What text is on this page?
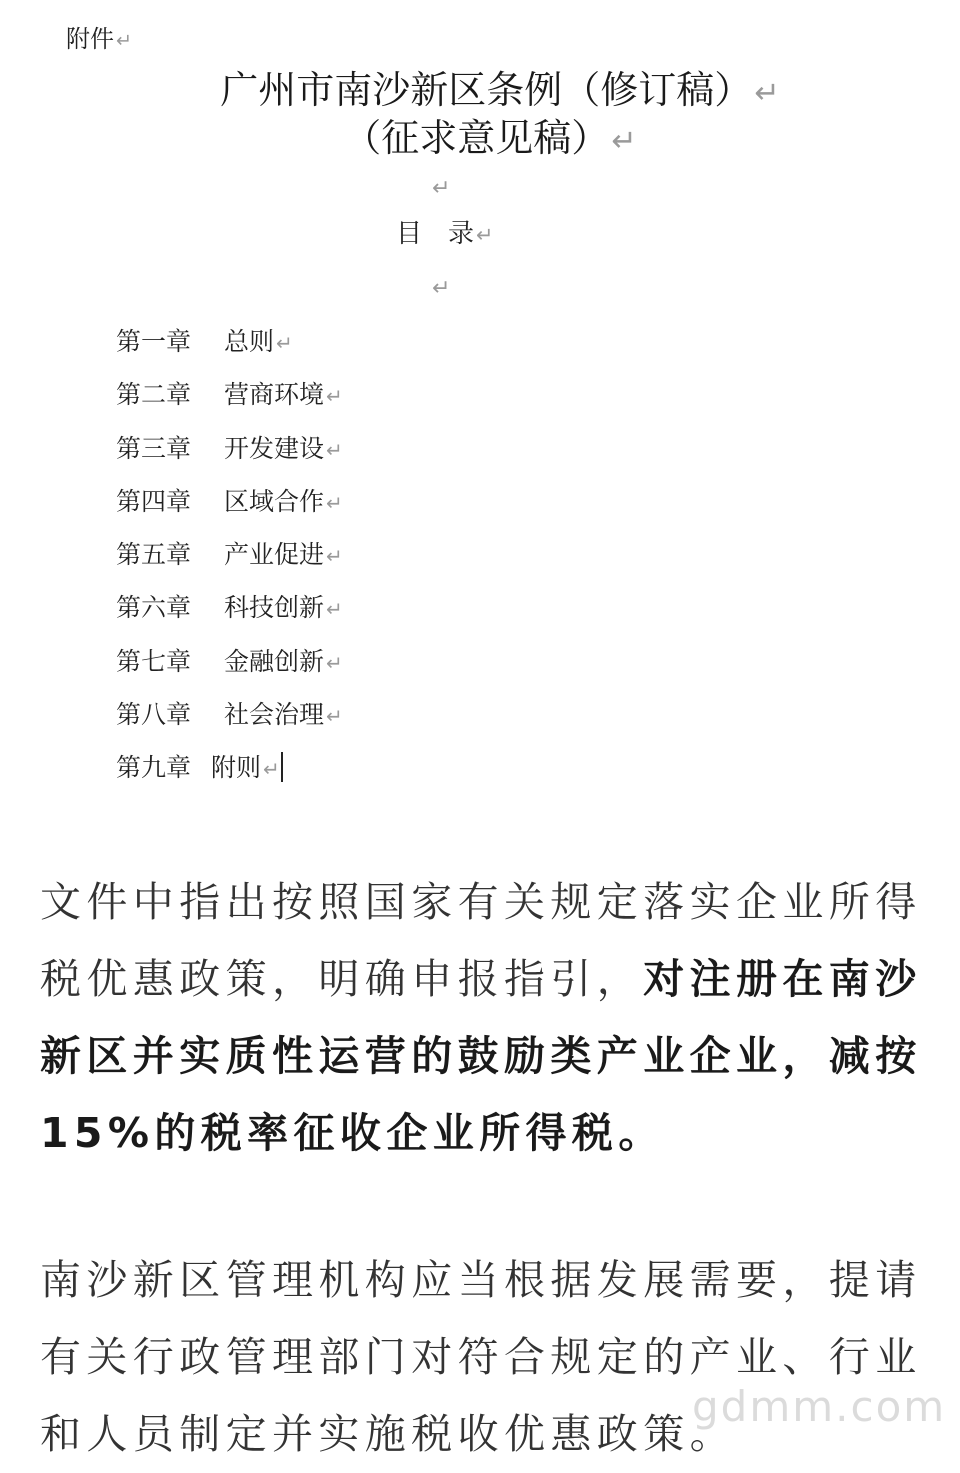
附件 ↵
广州市南沙新区条例（修订稿）↵
（征求意见稿）↵
↵
目 录↵
↵
第一章 总则 ↵
第二章 营商环境 ↵
第三章 开发建设 ↵
第四章 区域合作 ↵
第五章 产业促进 ↵
第六章 科技创新 ↵
第七章 金融创新 ↵
第八章 社会治理 ↵
第九章 附则 ↵

文件中指出按照国家有关规定落实企业所得税优惠政策，明确申报指引，对注册在南沙新区并实质性运营的鼓励类产业企业，减按15%的税率征收企业所得税。

南沙新区管理机构应当根据发展需要，提请有关行政管理部门对符合规定的产业、行业和人员制定并实施税收优惠政策。

gdmm.com
